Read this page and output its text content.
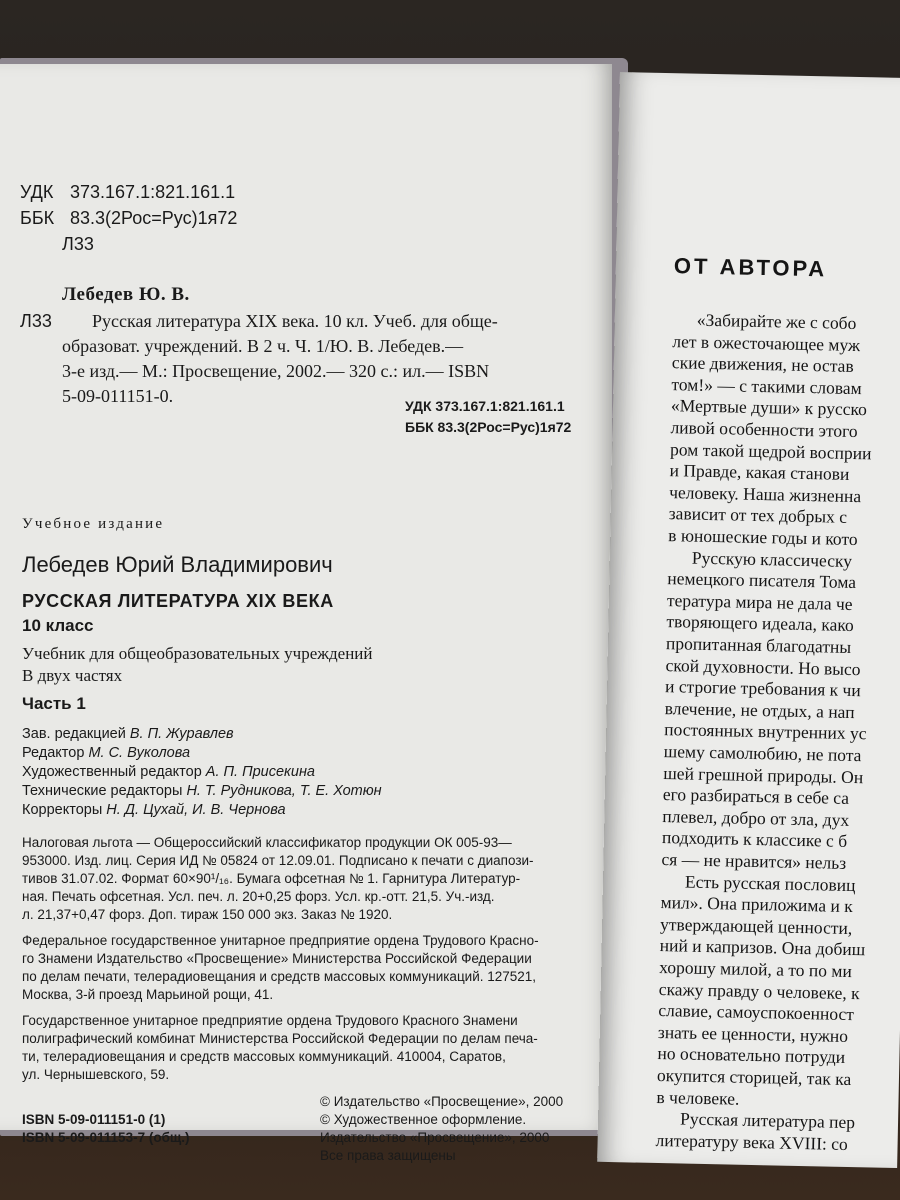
УДК 373.167.1:821.161.1
ББК 83.3(2Рос=Рус)1я72
Л33
Лебедев Ю. В.
Л33 Русская литература XIX века. 10 кл. Учеб. для обще-
образоват. учреждений. В 2 ч. Ч. 1/Ю. В. Лебедев.—
3-е изд.— М.: Просвещение, 2002.— 320 с.: ил.— ISBN
5-09-011151-0.	УДК 373.167.1:821.161.1
ББК 83.3(2Рос=Рус)1я72
Учебное издание
Лебедев Юрий Владимирович
РУССКАЯ ЛИТЕРАТУРА XIX ВЕКА
10 класс
Учебник для общеобразовательных учреждений
В двух частях
Часть 1
Зав. редакцией В. П. Журавлев
Редактор М. С. Вуколова
Художественный редактор А. П. Присекина
Технические редакторы Н. Т. Рудникова, Т. Е. Хотюн
Корректоры Н. Д. Цухай, И. В. Чернова
Налоговая льгота — Общероссийский классификатор продукции ОК 005-93—
953000. Изд. лиц. Серия ИД № 05824 от 12.09.01. Подписано к печати с диапози-
тивов 31.07.02. Формат 60×90¹/₁₆. Бумага офсетная № 1. Гарнитура Литератур-
ная. Печать офсетная. Усл. печ. л. 20+0,25 форз. Усл. кр.-отт. 21,5. Уч.-изд.
л. 21,37+0,47 форз. Доп. тираж 150 000 экз. Заказ № 1920.
Федеральное государственное унитарное предприятие ордена Трудового Красно-
го Знамени Издательство «Просвещение» Министерства Российской Федерации
по делам печати, телерадиовещания и средств массовых коммуникаций. 127521,
Москва, 3-й проезд Марьиной рощи, 41.
Государственное унитарное предприятие ордена Трудового Красного Знамени
полиграфический комбинат Министерства Российской Федерации по делам печа-
ти, телерадиовещания и средств массовых коммуникаций. 410004, Саратов,
ул. Чернышевского, 59.
© Издательство «Просвещение», 2000
© Художественное оформление.
Издательство «Просвещение», 2000
Все права защищены
ISBN 5-09-011151-0 (1)
ISBN 5-09-011153-7 (общ.)
ОТ АВТОРА
«Забирайте же с собо
лет в ожесточающее муж
ские движения, не остав
том!» — с такими словам
«Мертвые души» к русско
ливой особенности этого
ром такой щедрой восприи
и Правде, какая станови
человеку. Наша жизненна
зависит от тех добрых с
в юношеские годы и кото
Русскую классическу
немецкого писателя Тома
тература мира не дала че
творяющего идеала, како
пропитанная благодатны
ской духовности. Но высо
и строгие требования к чи
влечение, не отдых, а нап
постоянных внутренних ус
шему самолюбию, не пота
шей грешной природы. Он
его разбираться в себе са
плевел, добро от зла, дух
подходить к классике с б
ся — не нравится» нельз
Есть русская пословиц
мил». Она приложима и к
утверждающей ценности,
ний и капризов. Она добиш
хорошу милой, а то по ми
скажу правду о человеке, к
славие, самоуспокоенност
знать ее ценности, нужно
но основательно потруди
окупится сторицей, так ка
в человеке.
Русская литература пер
литературу века XVIII: со
